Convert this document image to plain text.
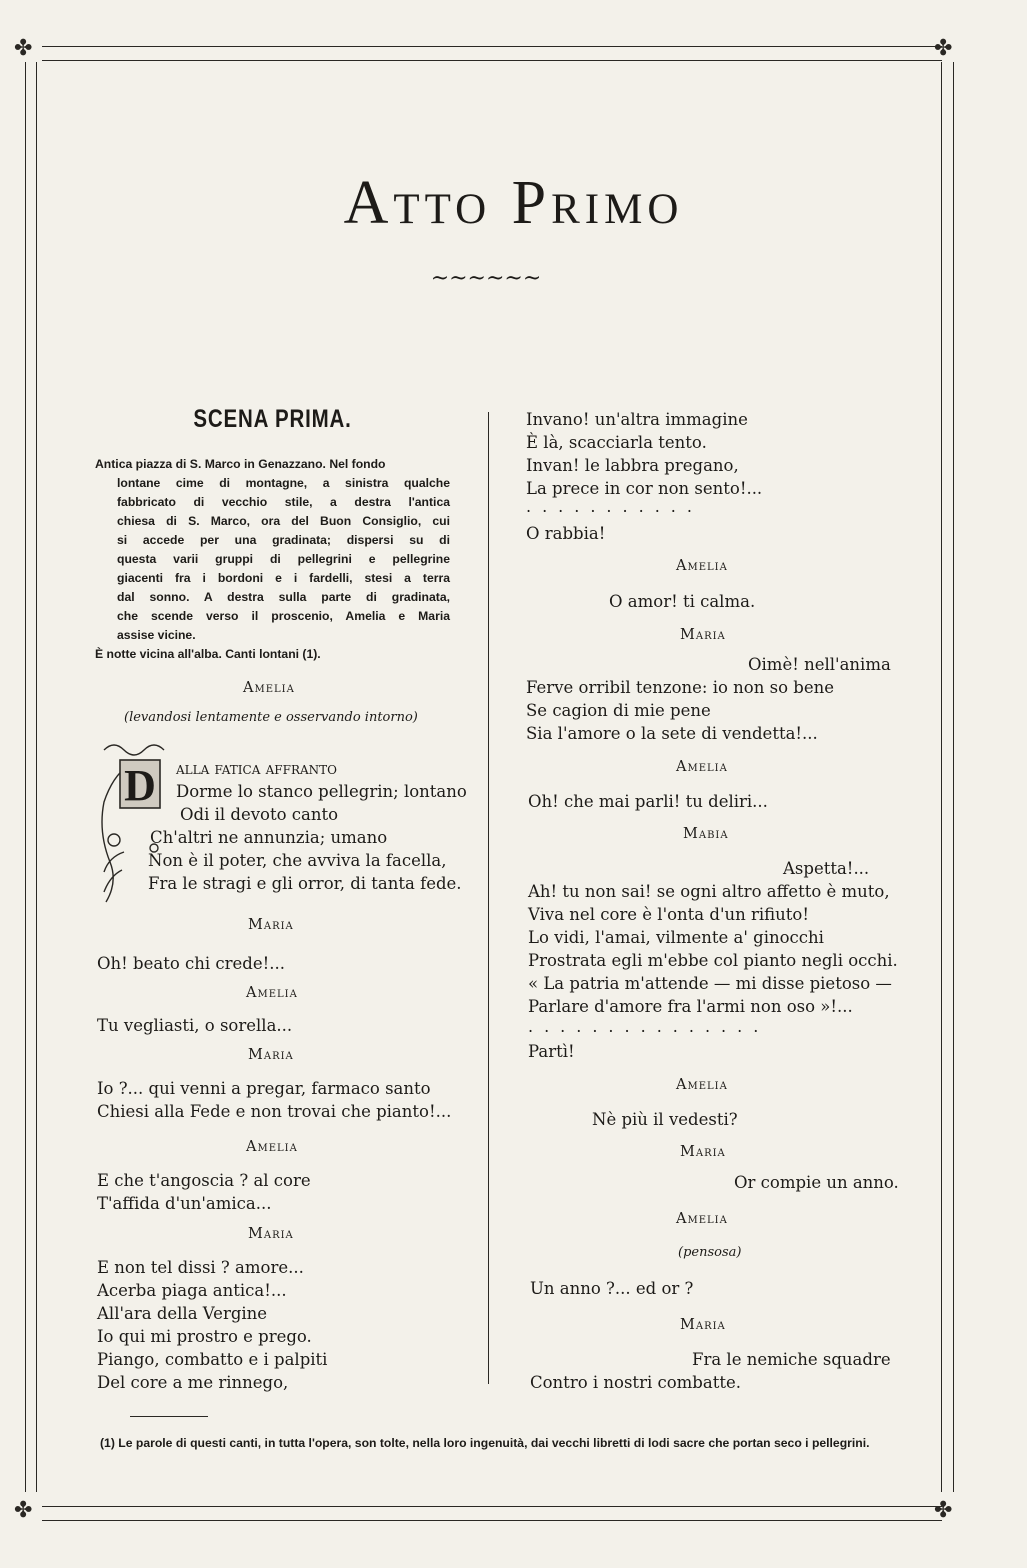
✤	✤
✤	✤
Atto Primo
~~~~~~
SCENA PRIMA.
Antica piazza di S. Marco in Genazzano. Nel fondo
lontane cime di montagne, a sinistra qualche
fabbricato di vecchio stile, a destra l'antica
chiesa di S. Marco, ora del Buon Consiglio, cui
si accede per una gradinata; dispersi su di
questa varii gruppi di pellegrini e pellegrine
giacenti fra i bordoni e i fardelli, stesi a terra
dal sonno. A destra sulla parte di gradinata,
che scende verso il proscenio, Amelia e Maria
assise vicine.
È notte vicina all'alba. Canti lontani (1).
Amelia
(levandosi lentamente e osservando intorno)
D alla fatica affranto
Dorme lo stanco pellegrin; lontano
Odi il devoto canto
Ch'altri ne annunzia; umano
Non è il poter, che avviva la facella,
Fra le stragi e gli orror, di tanta fede.
Maria
Oh! beato chi crede!...
Amelia
Tu vegliasti, o sorella...
Maria
Io ?... qui venni a pregar, farmaco santo
Chiesi alla Fede e non trovai che pianto!...
Amelia
E che t'angoscia ? al core
T'affida d'un'amica...
Maria
E non tel dissi ? amore...
Acerba piaga antica!...
All'ara della Vergine
Io qui mi prostro e prego.
Piango, combatto e i palpiti
Del core a me rinnego,
Invano! un'altra immagine
È là, scacciarla tento.
Invan! le labbra pregano,
La prece in cor non sento!...
...........
O rabbia!
Amelia
O amor! ti calma.
Maria
Oimè! nell'anima
Ferve orribil tenzone: io non so bene
Se cagion di mie pene
Sia l'amore o la sete di vendetta!...
Amelia
Oh! che mai parli! tu deliri...
Mabia
Aspetta!...
Ah! tu non sai! se ogni altro affetto è muto,
Viva nel core è l'onta d'un rifiuto!
Lo vidi, l'amai, vilmente a' ginocchi
Prostrata egli m'ebbe col pianto negli occhi.
« La patria m'attende — mi disse pietoso —
Parlare d'amore fra l'armi non oso »!...
...............
Partì!
Amelia
Nè più il vedesti?
Maria
Or compie un anno.
Amelia
(pensosa)
Un anno ?... ed or ?
Maria
Fra le nemiche squadre
Contro i nostri combatte.
(1) Le parole di questi canti, in tutta l'opera, son tolte, nella loro ingenuità, dai vecchi libretti di lodi sacre che portan seco i pellegrini.
